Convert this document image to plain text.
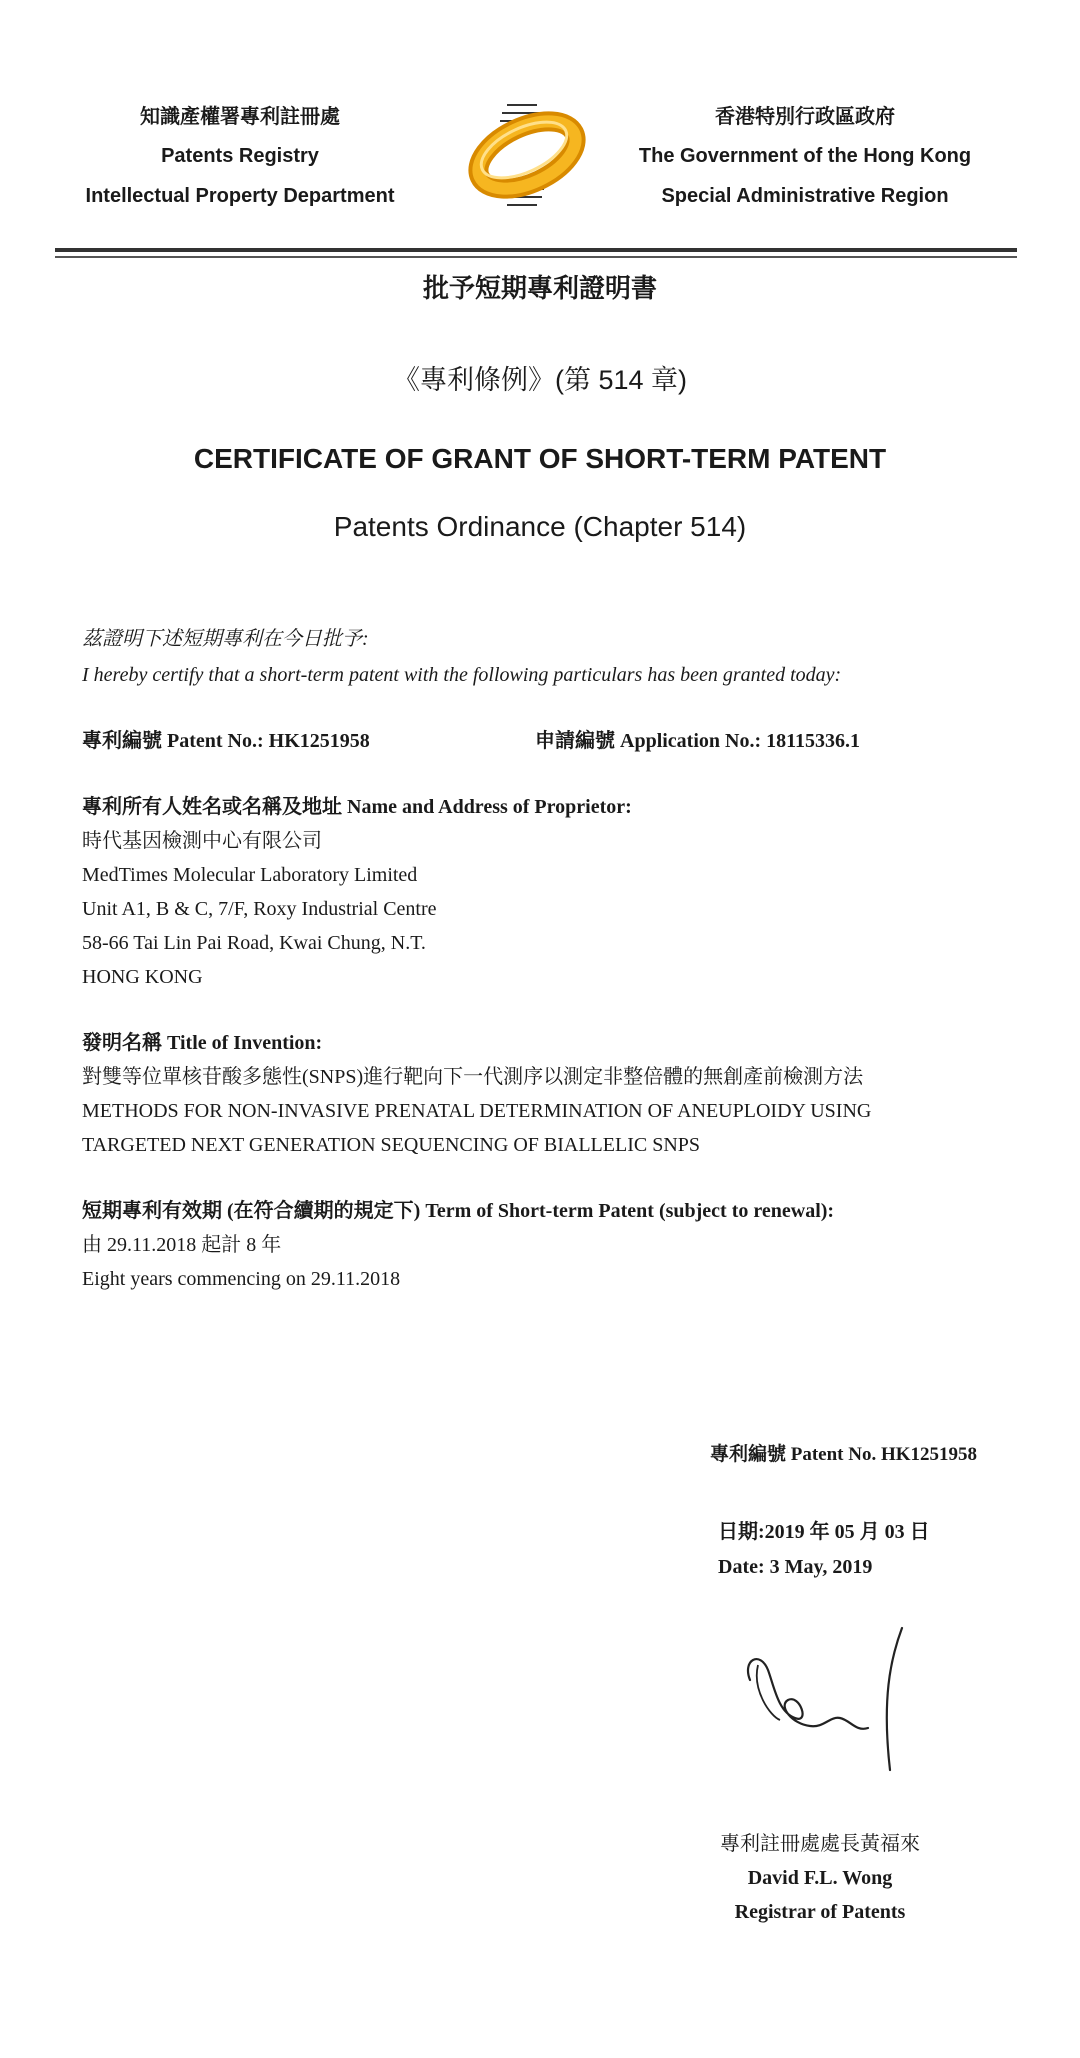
知識產權署專利註冊處
Patents Registry
Intellectual Property Department
香港特別行政區政府
The Government of the Hong Kong
Special Administrative Region
批予短期專利證明書
《專利條例》(第 514 章)
CERTIFICATE OF GRANT OF SHORT-TERM PATENT
Patents Ordinance (Chapter 514)
茲證明下述短期專利在今日批予:
I hereby certify that a short-term patent with the following particulars has been granted today:
專利編號 Patent No.: HK1251958	申請編號 Application No.: 18115336.1
專利所有人姓名或名稱及地址 Name and Address of Proprietor:
時代基因檢測中心有限公司
MedTimes Molecular Laboratory Limited
Unit A1, B & C, 7/F, Roxy Industrial Centre
58-66 Tai Lin Pai Road, Kwai Chung, N.T.
HONG KONG
發明名稱 Title of Invention:
對雙等位單核苷酸多態性(SNPS)進行靶向下一代測序以測定非整倍體的無創產前檢測方法
METHODS FOR NON-INVASIVE PRENATAL DETERMINATION OF ANEUPLOIDY USING
TARGETED NEXT GENERATION SEQUENCING OF BIALLELIC SNPS
短期專利有效期 (在符合續期的規定下) Term of Short-term Patent (subject to renewal):
由 29.11.2018 起計 8 年
Eight years commencing on 29.11.2018
專利編號 Patent No. HK1251958
日期:2019 年 05 月 03 日
Date: 3 May, 2019
專利註冊處處長黃福來
David F.L. Wong
Registrar of Patents
